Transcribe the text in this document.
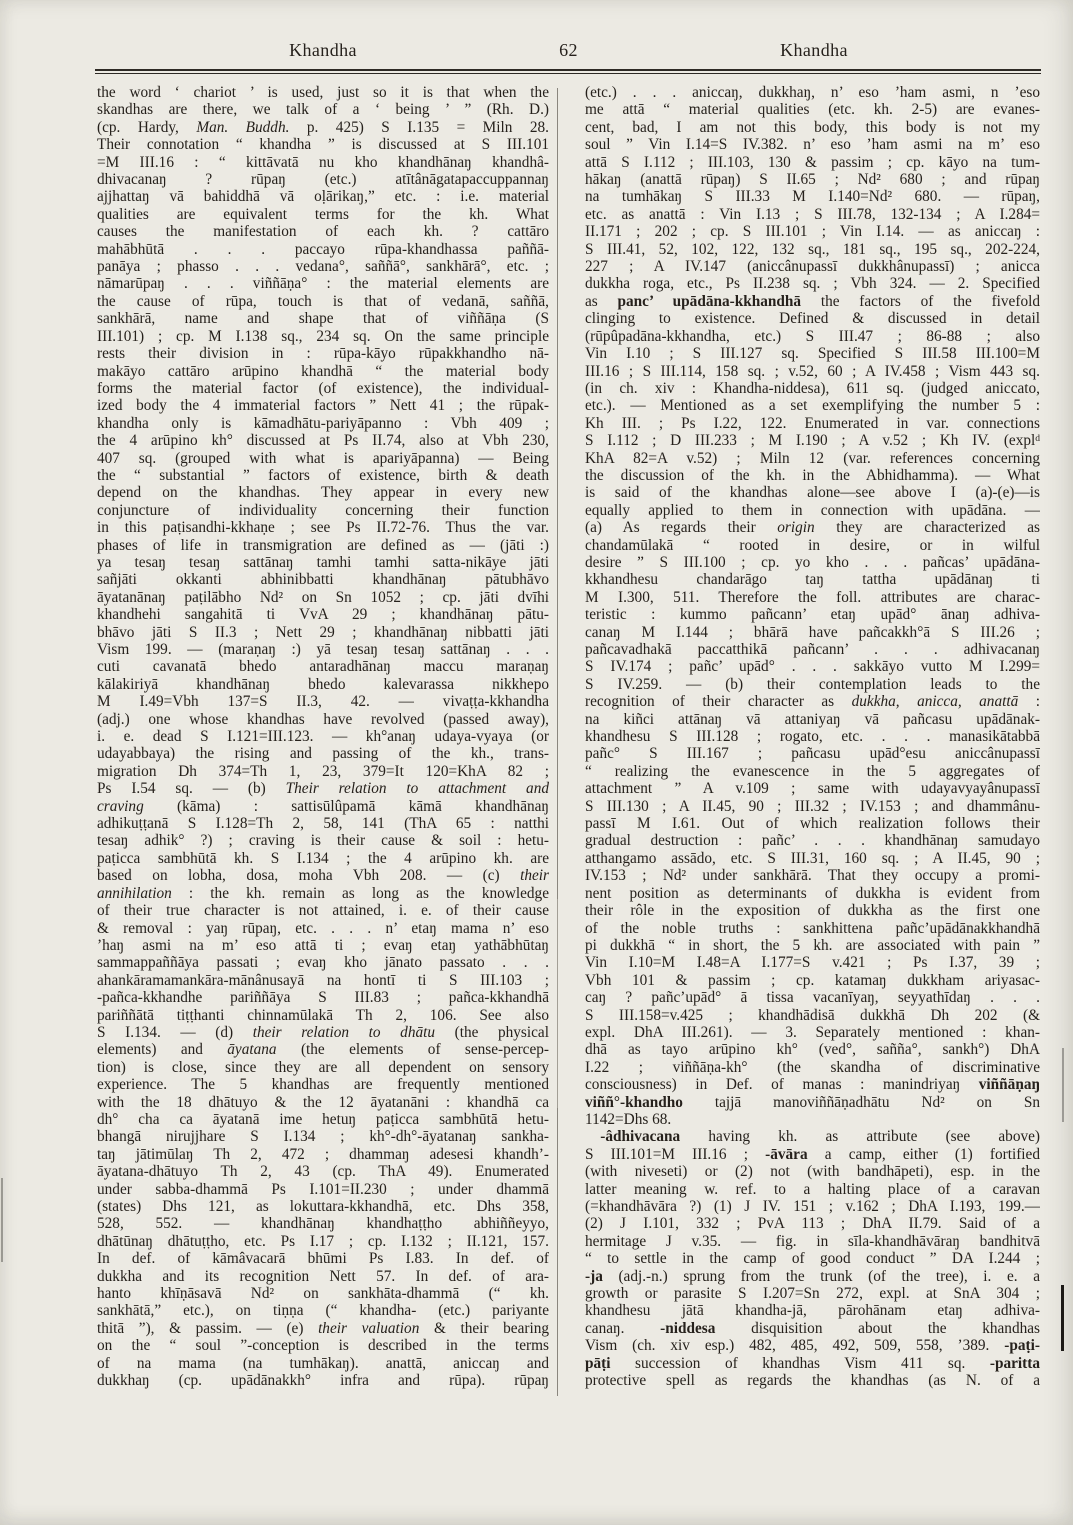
Khandha	62	Khandha
the word ‘ chariot ’ is used, just so it is that when the
skandhas are there, we talk of a ‘ being ’ ” (Rh. D.)
(cp. Hardy, Man. Buddh. p. 425) S I.135 = Miln 28.
Their connotation “ khandha ” is discussed at S III.101
=M III.16 : “ kittāvatā nu kho khandhānaŋ khandhâ-
dhivacanaŋ ? rūpaŋ (etc.) atītânāgatapaccuppannaŋ
ajjhattaŋ vā bahiddhā vā oḷārikaŋ,” etc. : i.e. material
qualities are equivalent terms for the kh. What
causes the manifestation of each kh. ? cattāro
mahābhūtā . . . paccayo rūpa-khandhassa paññā-
panāya ; phasso . . . vedana°, saññā°, sankhārā°, etc. ;
nāmarūpaŋ . . . viññāṇa° : the material elements are
the cause of rūpa, touch is that of vedanā, saññā,
sankhārā, name and shape that of viññāṇa (S
III.101) ; cp. M I.138 sq., 234 sq. On the same principle
rests their division in : rūpa-kāyo rūpakkhandho nā-
makāyo cattāro arūpino khandhā “ the material body
forms the material factor (of existence), the individual-
ized body the 4 immaterial factors ” Nett 41 ; the rūpak-
khandha only is kāmadhātu-pariyāpanno : Vbh 409 ;
the 4 arūpino kh° discussed at Ps II.74, also at Vbh 230,
407 sq. (grouped with what is apariyāpanna) — Being
the “ substantial ” factors of existence, birth & death
depend on the khandhas. They appear in every new
conjuncture of individuality concerning their function
in this paṭisandhi-kkhaṇe ; see Ps II.72-76. Thus the var.
phases of life in transmigration are defined as — (jāti :)
ya tesaŋ tesaŋ sattānaŋ tamhi tamhi satta-nikāye jāti
sañjāti okkanti abhinibbatti khandhānaŋ pātubhāvo
āyatanānaŋ paṭilābho Nd² on Sn 1052 ; cp. jāti dvīhi
khandhehi sangahitā ti VvA 29 ; khandhānaŋ pātu-
bhāvo jāti S II.3 ; Nett 29 ; khandhānaŋ nibbatti jāti
Vism 199. — (maraṇaŋ :) yā tesaŋ tesaŋ sattānaŋ . . .
cuti cavanatā bhedo antaradhānaŋ maccu maraṇaŋ
kālakiriyā khandhānaŋ bhedo kalevarassa nikkhepo
M I.49=Vbh 137=S II.3, 42. — vivaṭṭa-kkhandha
(adj.) one whose khandhas have revolved (passed away),
i. e. dead S I.121=III.123. — kh°anaŋ udaya-vyaya (or
udayabbaya) the rising and passing of the kh., trans-
migration Dh 374=Th 1, 23, 379=It 120=KhA 82 ;
Ps I.54 sq. — (b) Their relation to attachment and
craving (kāma) : sattisūlûpamā kāmā khandhānaŋ
adhikuṭṭanā S I.128=Th 2, 58, 141 (ThA 65 : natthi
tesaŋ adhik° ?) ; craving is their cause & soil : hetu-
paṭicca sambhūtā kh. S I.134 ; the 4 arūpino kh. are
based on lobha, dosa, moha Vbh 208. — (c) their
annihilation : the kh. remain as long as the knowledge
of their true character is not attained, i. e. of their cause
& removal : yaŋ rūpaŋ, etc. . . . n’ etaŋ mama n’ eso
’haŋ asmi na m’ eso attā ti ; evaŋ etaŋ yathābhūtaŋ
sammappaññāya passati ; evaŋ kho jānato passato . . .
ahankāramamankāra-mānânusayā na hontī ti S III.103 ;
-pañca-kkhandhe pariññāya S III.83 ; pañca-kkhandhā
pariññātā tiṭṭhanti chinnamūlakā Th 2, 106. See also
S I.134. — (d) their relation to dhātu (the physical
elements) and āyatana (the elements of sense-percep-
tion) is close, since they are all dependent on sensory
experience. The 5 khandhas are frequently mentioned
with the 18 dhātuyo & the 12 āyatanāni : khandhā ca
dh° cha ca āyatanā ime hetuŋ paṭicca sambhūtā hetu-
bhangā nirujjhare S I.134 ; kh°-dh°-āyatanaŋ sankha-
taŋ jātimūlaŋ Th 2, 472 ; dhammaŋ adesesi khandh’-
āyatana-dhātuyo Th 2, 43 (cp. ThA 49). Enumerated
under sabba-dhammā Ps I.101=II.230 ; under dhammā
(states) Dhs 121, as lokuttara-kkhandhā, etc. Dhs 358,
528, 552. — khandhānaŋ khandhaṭṭho abhiññeyyo,
dhātūnaŋ dhātuṭṭho, etc. Ps I.17 ; cp. I.132 ; II.121, 157.
In def. of kāmâvacarā bhūmi Ps I.83. In def. of
dukkha and its recognition Nett 57. In def. of ara-
hanto khīṇāsavā Nd² on sankhāta-dhammā (“ kh.
sankhātā,” etc.), on tiṇṇa (“ khandha- (etc.) pariyante
thitā ”), & passim. — (e) their valuation & their bearing
on the “ soul ”-conception is described in the terms
of na mama (na tumhākaŋ). anattā, aniccaŋ and
dukkhaŋ (cp. upādānakkh° infra and rūpa). rūpaŋ
(etc.) . . . aniccaŋ, dukkhaŋ, n’ eso ’ham asmi, n ’eso
me attā “ material qualities (etc. kh. 2-5) are evanes-
cent, bad, I am not this body, this body is not my
soul ” Vin I.14=S IV.382. n’ eso ’ham asmi na m’ eso
attā S I.112 ; III.103, 130 & passim ; cp. kāyo na tum-
hākaŋ (anattā rūpaŋ) S II.65 ; Nd² 680 ; and rūpaŋ
na tumhākaŋ S III.33 M I.140=Nd² 680. — rūpaŋ,
etc. as anattā : Vin I.13 ; S III.78, 132-134 ; A I.284=
II.171 ; 202 ; cp. S III.101 ; Vin I.14. — as aniccaŋ :
S III.41, 52, 102, 122, 132 sq., 181 sq., 195 sq., 202-224,
227 ; A IV.147 (aniccânupassī dukkhânupassī) ; anicca
dukkha roga, etc., Ps II.238 sq. ; Vbh 324. — 2. Specified
as panc’ upādāna-kkhandhā the factors of the fivefold
clinging to existence. Defined & discussed in detail
(rūpûpadāna-kkhandha, etc.) S III.47 ; 86-88 ; also
Vin I.10 ; S III.127 sq. Specified S III.58 III.100=M
III.16 ; S III.114, 158 sq. ; v.52, 60 ; A IV.458 ; Vism 443 sq.
(in ch. xiv : Khandha-niddesa), 611 sq. (judged aniccato,
etc.). — Mentioned as a set exemplifying the number 5 :
Kh III. ; Ps I.22, 122. Enumerated in var. connections
S I.112 ; D III.233 ; M I.190 ; A v.52 ; Kh IV. (expl$^d$
KhA 82=A v.52) ; Miln 12 (var. references concerning
the discussion of the kh. in the Abhidhamma). — What
is said of the khandhas alone—see above I (a)-(e)—is
equally applied to them in connection with upādāna. —
(a) As regards their origin they are characterized as
chandamūlakā “ rooted in desire, or in wilful
desire ” S III.100 ; cp. yo kho . . . pañcas’ upādāna-
kkhandhesu chandarāgo taŋ tattha upādānaŋ ti
M I.300, 511. Therefore the foll. attributes are charac-
teristic : kummo pañcann’ etaŋ upād° ānaŋ adhiva-
canaŋ M I.144 ; bhārā have pañcakkh°ā S III.26 ;
pañcavadhakā paccatthikā pañcann’ . . . adhivacanaŋ
S IV.174 ; pañc’ upād° . . . sakkāyo vutto M I.299=
S IV.259. — (b) their contemplation leads to the
recognition of their character as dukkha, anicca, anattā :
na kiñci attānaŋ vā attaniyaŋ vā pañcasu upādānak-
khandhesu S III.128 ; rogato, etc. . . . manasikātabbā
pañc° S III.167 ; pañcasu upād°esu aniccânupassī
“ realizing the evanescence in the 5 aggregates of
attachment ” A v.109 ; same with udayavyayânupassī
S III.130 ; A II.45, 90 ; III.32 ; IV.153 ; and dhammânu-
passī M I.61. Out of which realization follows their
gradual destruction : pañc’ . . . khandhānaŋ samudayo
atthangamo assādo, etc. S III.31, 160 sq. ; A II.45, 90 ;
IV.153 ; Nd² under sankhārā. That they occupy a promi-
nent position as determinants of dukkha is evident from
their rôle in the exposition of dukkha as the first one
of the noble truths : sankhittena pañc’upādānakkhandhā
pi dukkhā “ in short, the 5 kh. are associated with pain ”
Vin I.10=M I.48=A I.177=S v.421 ; Ps I.37, 39 ;
Vbh 101 & passim ; cp. katamaŋ dukkham ariyasac-
caŋ ? pañc’upād° ā tissa vacanīyaŋ, seyyathīdaŋ . . .
S III.158=v.425 ; khandhādisā dukkhā Dh 202 (&
expl. DhA III.261). — 3. Separately mentioned : khan-
dhā as tayo arūpino kh° (ved°, sañña°, sankh°) DhA
I.22 ; viññāṇa-kh° (the skandha of discriminative
consciousness) in Def. of manas : manindriyaŋ viññāṇaŋ
viññ°-khandho tajjā manoviññāṇadhātu Nd² on Sn
1142=Dhs 68.
  -âdhivacana having kh. as attribute (see above)
S III.101=M III.16 ; -āvāra a camp, either (1) fortified
(with niveseti) or (2) not (with bandhāpeti), esp. in the
latter meaning w. ref. to a halting place of a caravan
(=khandhāvāra ?) (1) J IV. 151 ; v.162 ; DhA I.193, 199.—
(2) J I.101, 332 ; PvA 113 ; DhA II.79. Said of a
hermitage J v.35. — fig. in sīla-khandhāvāraŋ bandhitvā
“ to settle in the camp of good conduct ” DA I.244 ;
-ja (adj.-n.) sprung from the trunk (of the tree), i. e. a
growth or parasite S I.207=Sn 272, expl. at SnA 304 ;
khandhesu jātā khandha-jā, pārohānam etaŋ adhiva-
canaŋ. -niddesa disquisition about the khandhas
Vism (ch. xiv esp.) 482, 485, 492, 509, 558, ’389. -paṭi-
pāṭi succession of khandhas Vism 411 sq. -paritta
protective spell as regards the khandhas (as N. of a
